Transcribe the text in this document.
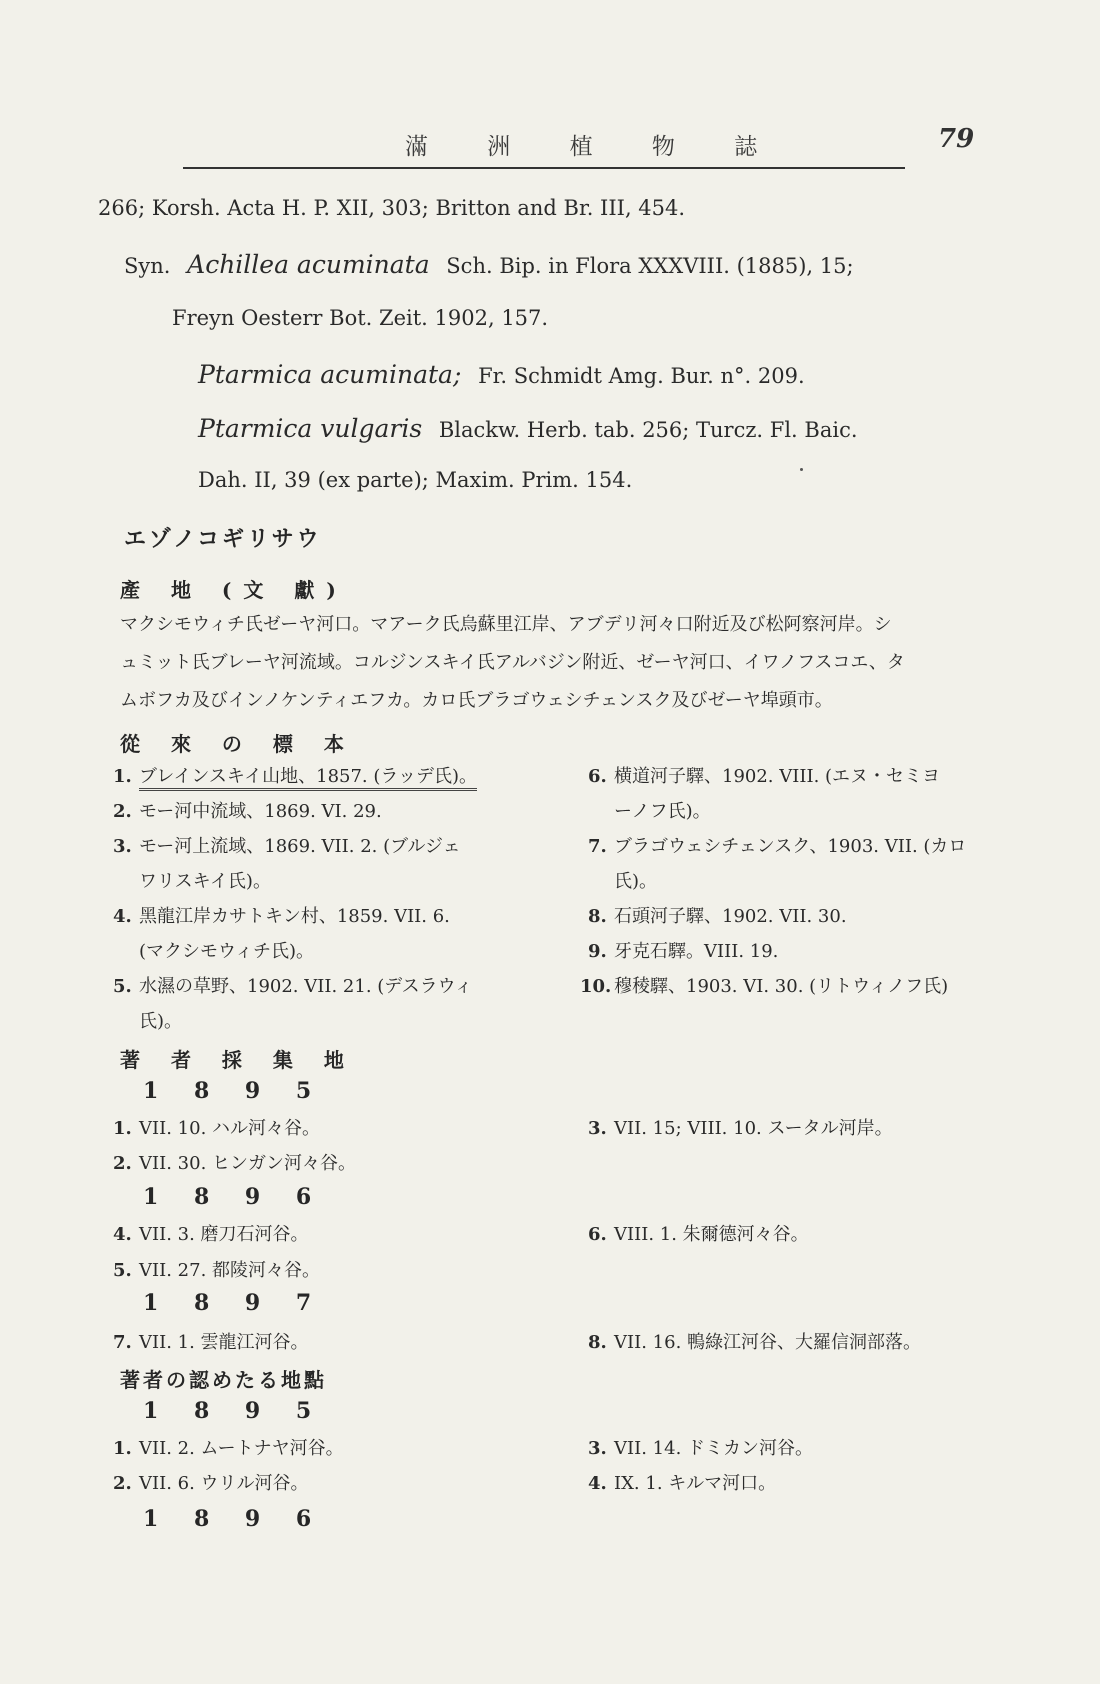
滿 洲 植 物 誌	79
266; Korsh. Acta H. P. XII, 303; Britton and Br. III, 454.
Syn. Achillea acuminata Sch. Bip. in Flora XXXVIII. (1885), 15;
Freyn Oesterr Bot. Zeit. 1902, 157.
Ptarmica acuminata; Fr. Schmidt Amg. Bur. n°. 209.
Ptarmica vulgaris Blackw. Herb. tab. 256; Turcz. Fl. Baic.
Dah. II, 39 (ex parte); Maxim. Prim. 154.
エゾノコギリサウ
產 地 (文 獻)
マクシモウィチ氏ゼーヤ河口。マアーク氏烏蘇里江岸、アブデリ河々口附近及び松阿察河岸。シ
ュミット氏ブレーヤ河流域。コルジンスキイ氏アルバジン附近、ゼーヤ河口、イワノフスコエ、タ
ムボフカ及びインノケンティエフカ。カロ氏ブラゴウェシチェンスク及びゼーヤ埠頭市。
從 來 の 標 本
1. ブレインスキイ山地、1857. (ラッデ氏)。
2. モー河中流域、1869. VI. 29.
3. モー河上流域、1869. VII. 2. (ブルジェ
ワリスキイ氏)。
4. 黑龍江岸カサトキン村、1859. VII. 6.
(マクシモウィチ氏)。
5. 水濕の草野、1902. VII. 21. (デスラウィ
氏)。
6. 横道河子驛、1902. VIII. (エヌ・セミヨ
ーノフ氏)。
7. ブラゴウェシチェンスク、1903. VII. (カロ
氏)。
8. 石頭河子驛、1902. VII. 30.
9. 牙克石驛。VIII. 19.
10. 穆稜驛、1903. VI. 30. (リトウィノフ氏)
著 者 採 集 地
1 8 9 5
1. VII. 10. ハル河々谷。
2. VII. 30. ヒンガン河々谷。
3. VII. 15; VIII. 10. スータル河岸。
1 8 9 6
4. VII. 3. 磨刀石河谷。
5. VII. 27. 都陵河々谷。
6. VIII. 1. 朱爾德河々谷。
1 8 9 7
7. VII. 1. 雲龍江河谷。	8. VII. 16. 鴨綠江河谷、大羅信洞部落。
著者の認めたる地點
1 8 9 5
1. VII. 2. ムートナヤ河谷。
2. VII. 6. ウリル河谷。
3. VII. 14. ドミカン河谷。
4. IX. 1. キルマ河口。
1 8 9 6
